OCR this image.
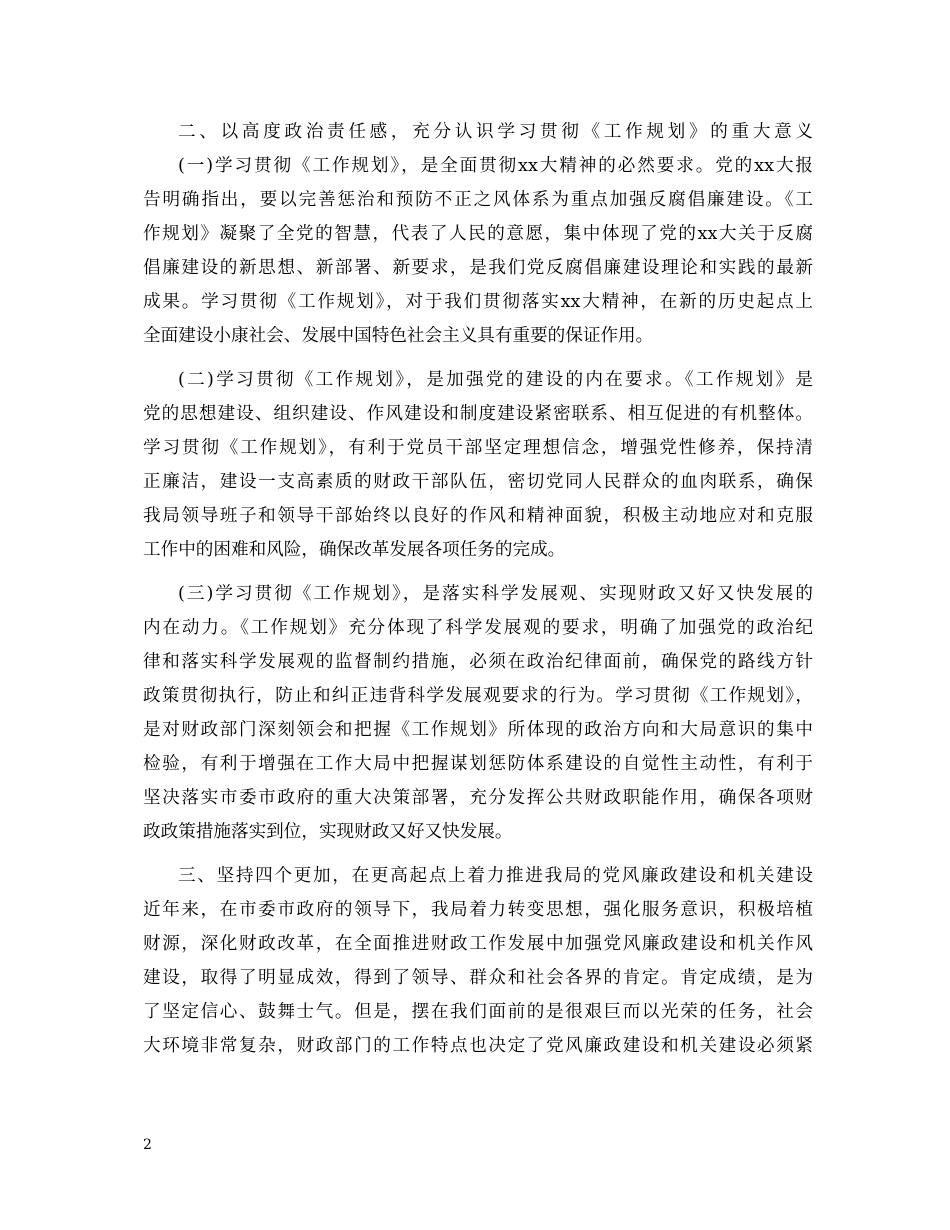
二、以高度政治责任感，充分认识学习贯彻《工作规划》的重大意义
(一)学习贯彻《工作规划》，是全面贯彻xx大精神的必然要求。党的xx大报
告明确指出，要以完善惩治和预防不正之风体系为重点加强反腐倡廉建设。《工
作规划》凝聚了全党的智慧，代表了人民的意愿，集中体现了党的xx大关于反腐
倡廉建设的新思想、新部署、新要求，是我们党反腐倡廉建设理论和实践的最新
成果。学习贯彻《工作规划》，对于我们贯彻落实xx大精神，在新的历史起点上
全面建设小康社会、发展中国特色社会主义具有重要的保证作用。
(二)学习贯彻《工作规划》，是加强党的建设的内在要求。《工作规划》是
党的思想建设、组织建设、作风建设和制度建设紧密联系、相互促进的有机整体。
学习贯彻《工作规划》，有利于党员干部坚定理想信念，增强党性修养，保持清
正廉洁，建设一支高素质的财政干部队伍，密切党同人民群众的血肉联系，确保
我局领导班子和领导干部始终以良好的作风和精神面貌，积极主动地应对和克服
工作中的困难和风险，确保改革发展各项任务的完成。
(三)学习贯彻《工作规划》，是落实科学发展观、实现财政又好又快发展的
内在动力。《工作规划》充分体现了科学发展观的要求，明确了加强党的政治纪
律和落实科学发展观的监督制约措施，必须在政治纪律面前，确保党的路线方针
政策贯彻执行，防止和纠正违背科学发展观要求的行为。学习贯彻《工作规划》，
是对财政部门深刻领会和把握《工作规划》所体现的政治方向和大局意识的集中
检验，有利于增强在工作大局中把握谋划惩防体系建设的自觉性主动性，有利于
坚决落实市委市政府的重大决策部署，充分发挥公共财政职能作用，确保各项财
政政策措施落实到位，实现财政又好又快发展。
三、坚持四个更加，在更高起点上着力推进我局的党风廉政建设和机关建设
近年来，在市委市政府的领导下，我局着力转变思想，强化服务意识，积极培植
财源，深化财政改革，在全面推进财政工作发展中加强党风廉政建设和机关作风
建设，取得了明显成效，得到了领导、群众和社会各界的肯定。肯定成绩，是为
了坚定信心、鼓舞士气。但是，摆在我们面前的是很艰巨而以光荣的任务，社会
大环境非常复杂，财政部门的工作特点也决定了党风廉政建设和机关建设必须紧
2
